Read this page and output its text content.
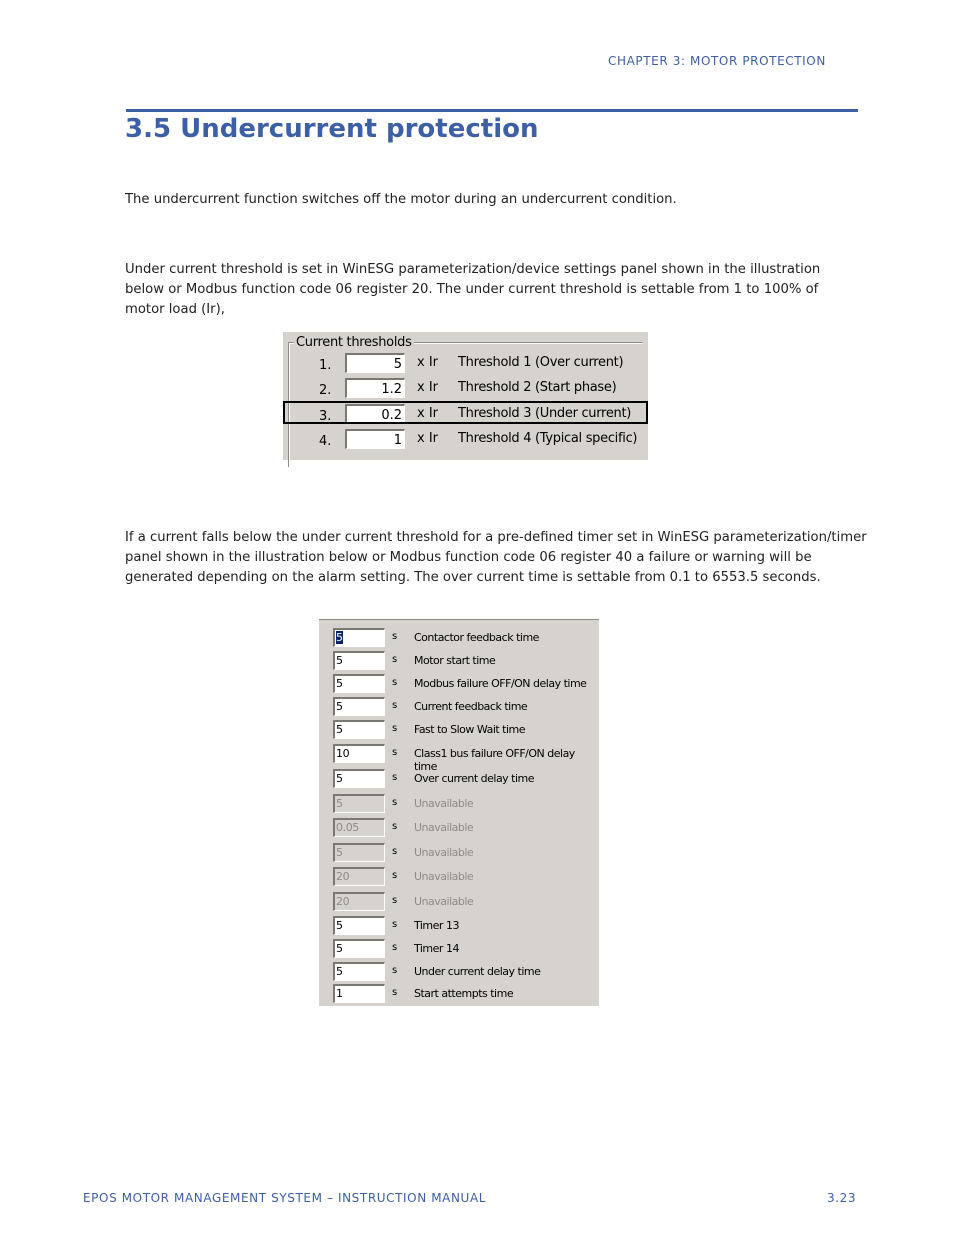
CHAPTER 3: MOTOR PROTECTION
3.5 Undercurrent protection
The undercurrent function switches off the motor during an undercurrent condition.
Under current threshold is set in WinESG parameterization/device settings panel shown in the illustration below or Modbus function code 06 register 20. The under current threshold is settable from 1 to 100% of motor load (Ir),
Current thresholds
1.	5 x Ir Threshold 1 (Over current)
2.	1.2 x Ir Threshold 2 (Start phase)
3.	0.2 x Ir Threshold 3 (Under current)
4.	1 x Ir Threshold 4 (Typical specific)
If a current falls below the under current threshold for a pre-defined timer set in WinESG parameterization/timer panel shown in the illustration below or Modbus function code 06 register 40 a failure or warning will be generated depending on the alarm setting. The over current time is settable from 0.1 to 6553.5 seconds.
5	s Contactor feedback time
5	s Motor start time
5	s Modbus failure OFF/ON delay time
5	s Current feedback time
5	s Fast to Slow Wait time
10	s Class1 bus failure OFF/ON delay time
5	s Over current delay time
5	s Unavailable
0.05	s Unavailable
5	s Unavailable
20	s Unavailable
20	s Unavailable
5	s Timer 13
5	s Timer 14
5	s Under current delay time
1	s Start attempts time
EPOS MOTOR MANAGEMENT SYSTEM – INSTRUCTION MANUAL	3.23
